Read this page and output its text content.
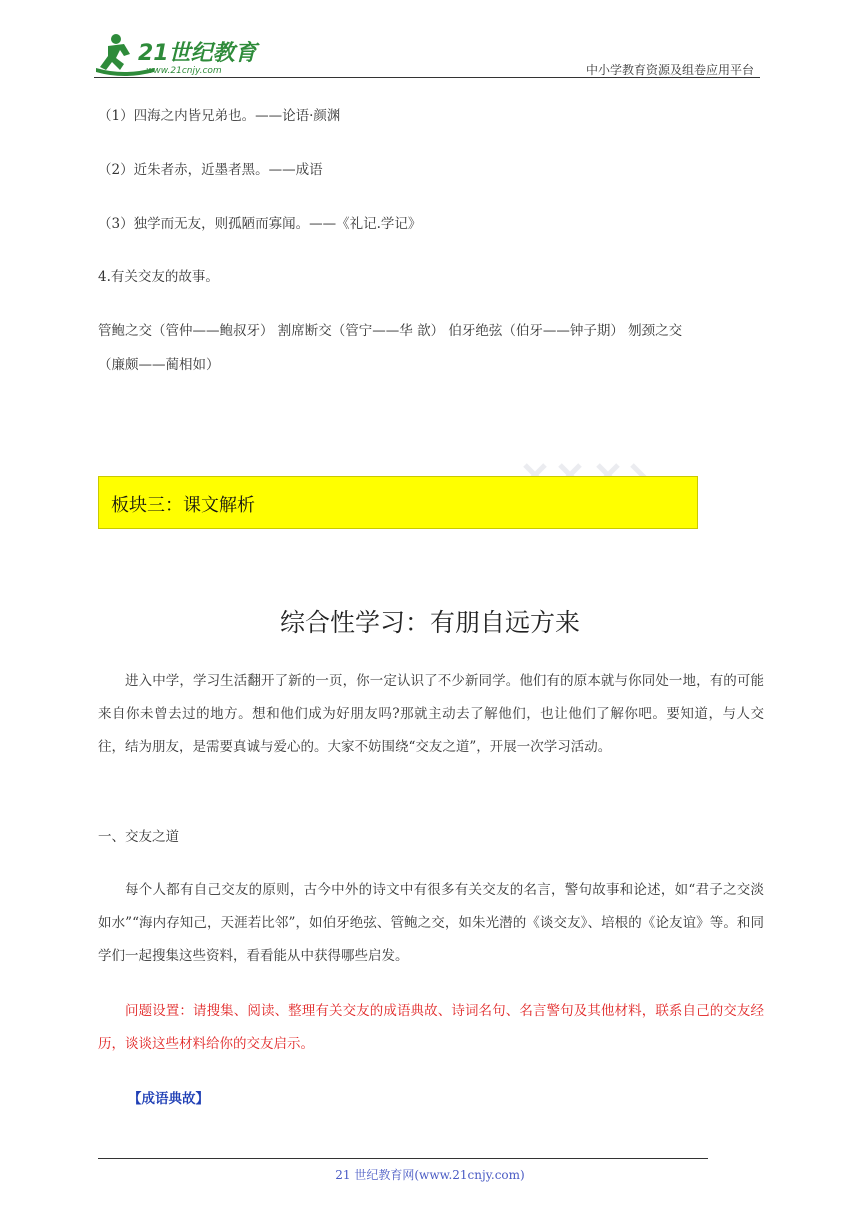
21世纪教育
www.21cnjy.com	中小学教育资源及组卷应用平台
（1）四海之内皆兄弟也。——论语·颜渊
（2）近朱者赤，近墨者黑。——成语
（3）独学而无友，则孤陋而寡闻。——《礼记.学记》
4.有关交友的故事。
管鲍之交（管仲——鲍叔牙） 割席断交（管宁——华 歆） 伯牙绝弦（伯牙——钟子期） 刎颈之交
（廉颇——蔺相如）
板块三：课文解析
综合性学习：有朋自远方来
进入中学，学习生活翻开了新的一页，你一定认识了不少新同学。他们有的原本就与你同处一地，有的可能来自你未曾去过的地方。想和他们成为好朋友吗?那就主动去了解他们，也让他们了解你吧。要知道，与人交往，结为朋友，是需要真诚与爱心的。大家不妨围绕“交友之道”，开展一次学习活动。
一、交友之道
每个人都有自己交友的原则，古今中外的诗文中有很多有关交友的名言，警句故事和论述，如“君子之交淡如水”“海内存知己，天涯若比邻”，如伯牙绝弦、管鲍之交，如朱光潜的《谈交友》、培根的《论友谊》等。和同学们一起搜集这些资料，看看能从中获得哪些启发。
问题设置：请搜集、阅读、整理有关交友的成语典故、诗词名句、名言警句及其他材料，联系自己的交友经历，谈谈这些材料给你的交友启示。
【成语典故】
21 世纪教育网(www.21cnjy.com)
